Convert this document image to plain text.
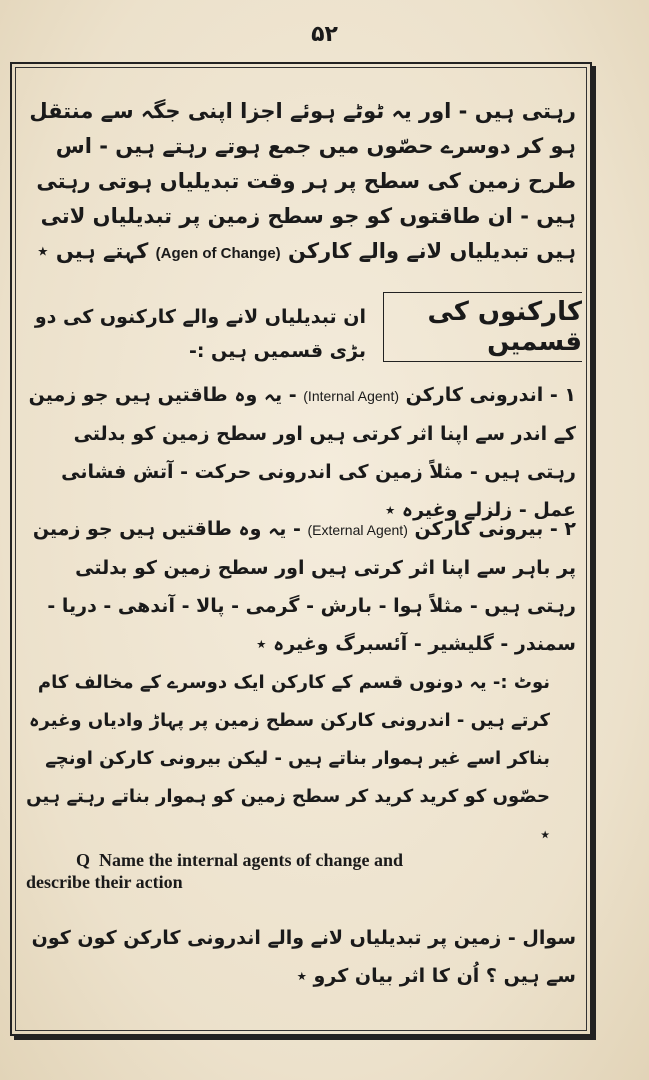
۵۲
رہتی ہیں - اور یہ ٹوٹے ہوئے اجزا اپنی جگہ سے منتقل ہو کر دوسرے حصّوں میں جمع ہوتے رہتے ہیں - اس طرح زمین کی سطح پر ہر وقت تبدیلیاں ہوتی رہتی ہیں - ان طاقتوں کو جو سطح زمین پر تبدیلیاں لاتی ہیں تبدیلیاں لانے والے کارکن (Agen of Change) کہتے ہیں ٭
کارکنوں کی قسمیں
ان تبدیلیاں لانے والے کارکنوں کی دو بڑی قسمیں ہیں :-
۱ - اندرونی کارکن (Internal Agent) - یہ وہ طاقتیں ہیں جو زمین کے اندر سے اپنا اثر کرتی ہیں اور سطح زمین کو بدلتی رہتی ہیں - مثلاً زمین کی اندرونی حرکت - آتش فشانی عمل - زلزلے وغیرہ ٭
۲ - بیرونی کارکن (External Agent) - یہ وہ طاقتیں ہیں جو زمین پر باہر سے اپنا اثر کرتی ہیں اور سطح زمین کو بدلتی رہتی ہیں - مثلاً ہوا - بارش - گرمی - پالا - آندھی - دریا - سمندر - گلیشیر - آئسبرگ وغیرہ ٭
نوٹ :- یہ دونوں قسم کے کارکن ایک دوسرے کے مخالف کام کرتے ہیں - اندرونی کارکن سطح زمین پر پہاڑ وادیاں وغیرہ بناکر اسے غیر ہموار بناتے ہیں - لیکن بیرونی کارکن اونچے حصّوں کو کرید کرید کر سطح زمین کو ہموار بناتے رہتے ہیں ٭
Q Name the internal agents of change and
describe their action
سوال - زمین پر تبدیلیاں لانے والے اندرونی کارکن کون کون سے ہیں ؟ اُن کا اثر بیان کرو ٭
